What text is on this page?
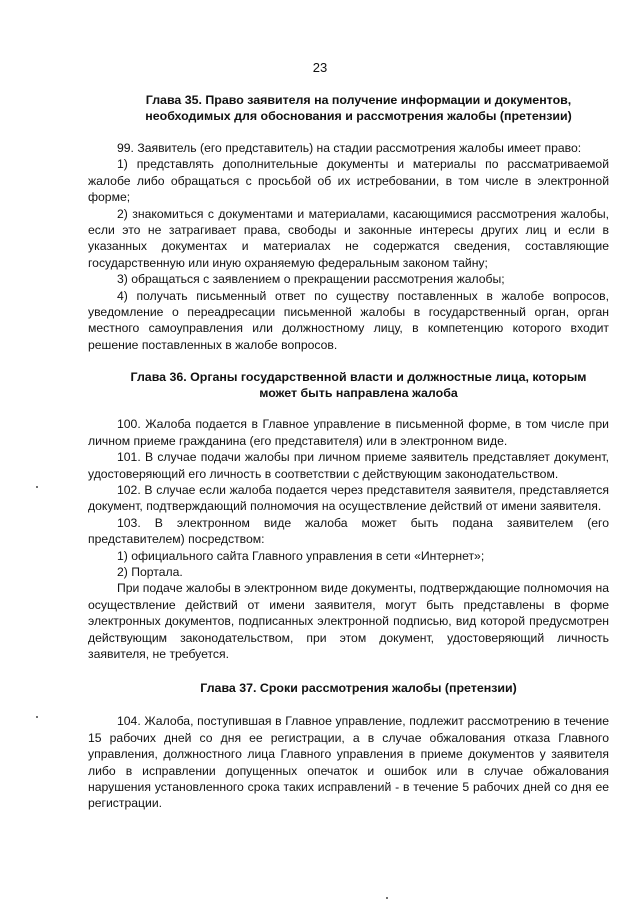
23
Глава 35. Право заявителя на получение информации и документов, необходимых для обоснования и рассмотрения жалобы (претензии)

99. Заявитель (его представитель) на стадии рассмотрения жалобы имеет право:

1) представлять дополнительные документы и материалы по рассматриваемой жалобе либо обращаться с просьбой об их истребовании, в том числе в электронной форме;

2) знакомиться с документами и материалами, касающимися рассмотрения жалобы, если это не затрагивает права, свободы и законные интересы других лиц и если в указанных документах и материалах не содержатся сведения, составляющие государственную или иную охраняемую федеральным законом тайну;

3) обращаться с заявлением о прекращении рассмотрения жалобы;

4) получать письменный ответ по существу поставленных в жалобе вопросов, уведомление о переадресации письменной жалобы в государственный орган, орган местного самоуправления или должностному лицу, в компетенцию которого входит решение поставленных в жалобе вопросов.

Глава 36. Органы государственной власти и должностные лица, которым может быть направлена жалоба

100. Жалоба подается в Главное управление в письменной форме, в том числе при личном приеме гражданина (его представителя) или в электронном виде.

101. В случае подачи жалобы при личном приеме заявитель представляет документ, удостоверяющий его личность в соответствии с действующим законодательством.

102. В случае если жалоба подается через представителя заявителя, представляется документ, подтверждающий полномочия на осуществление действий от имени заявителя.

103. В электронном виде жалоба может быть подана заявителем (его представителем) посредством:

1) официального сайта Главного управления в сети «Интернет»;

2) Портала.

При подаче жалобы в электронном виде документы, подтверждающие полномочия на осуществление действий от имени заявителя, могут быть представлены в форме электронных документов, подписанных электронной подписью, вид которой предусмотрен действующим законодательством, при этом документ, удостоверяющий личность заявителя, не требуется.

Глава 37. Сроки рассмотрения жалобы (претензии)

104. Жалоба, поступившая в Главное управление, подлежит рассмотрению в течение 15 рабочих дней со дня ее регистрации, а в случае обжалования отказа Главного управления, должностного лица Главного управления в приеме документов у заявителя либо в исправлении допущенных опечаток и ошибок или в случае обжалования нарушения установленного срока таких исправлений - в течение 5 рабочих дней со дня ее регистрации.
